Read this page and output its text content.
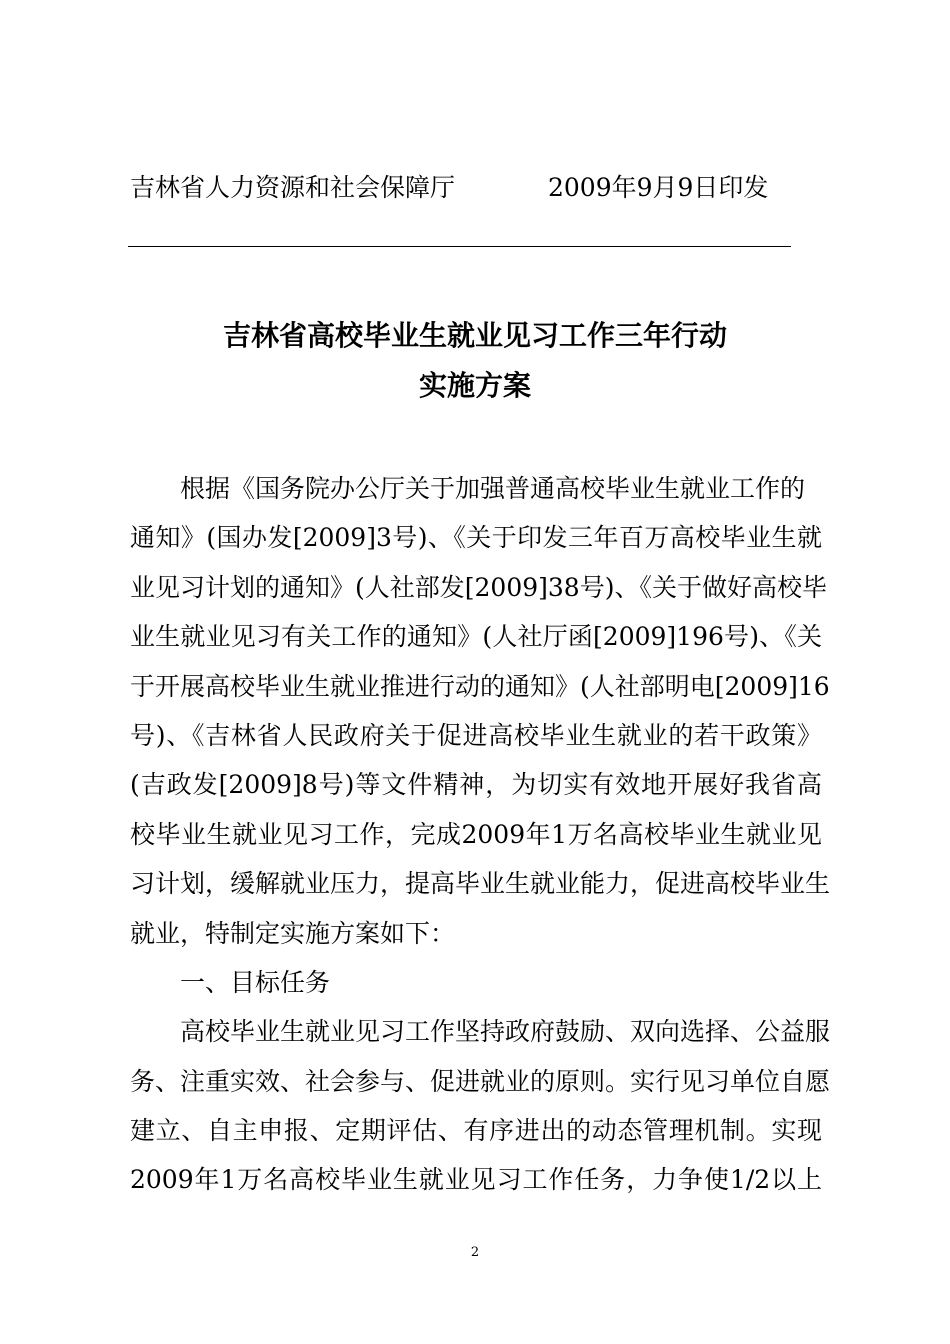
吉林省人力资源和社会保障厅	2009年9月9日印发
吉林省高校毕业生就业见习工作三年行动
实施方案
根据《国务院办公厅关于加强普通高校毕业生就业工作的
通知》(国办发[2009]3号)、《关于印发三年百万高校毕业生就
业见习计划的通知》(人社部发[2009]38号)、《关于做好高校毕
业生就业见习有关工作的通知》(人社厅函[2009]196号)、《关
于开展高校毕业生就业推进行动的通知》(人社部明电[2009]16
号)、《吉林省人民政府关于促进高校毕业生就业的若干政策》
(吉政发[2009]8号)等文件精神，为切实有效地开展好我省高
校毕业生就业见习工作，完成2009年1万名高校毕业生就业见
习计划，缓解就业压力，提高毕业生就业能力，促进高校毕业生
就业，特制定实施方案如下：
一、目标任务
高校毕业生就业见习工作坚持政府鼓励、双向选择、公益服
务、注重实效、社会参与、促进就业的原则。实行见习单位自愿
建立、自主申报、定期评估、有序进出的动态管理机制。实现
2009年1万名高校毕业生就业见习工作任务，力争使1/2以上
2
